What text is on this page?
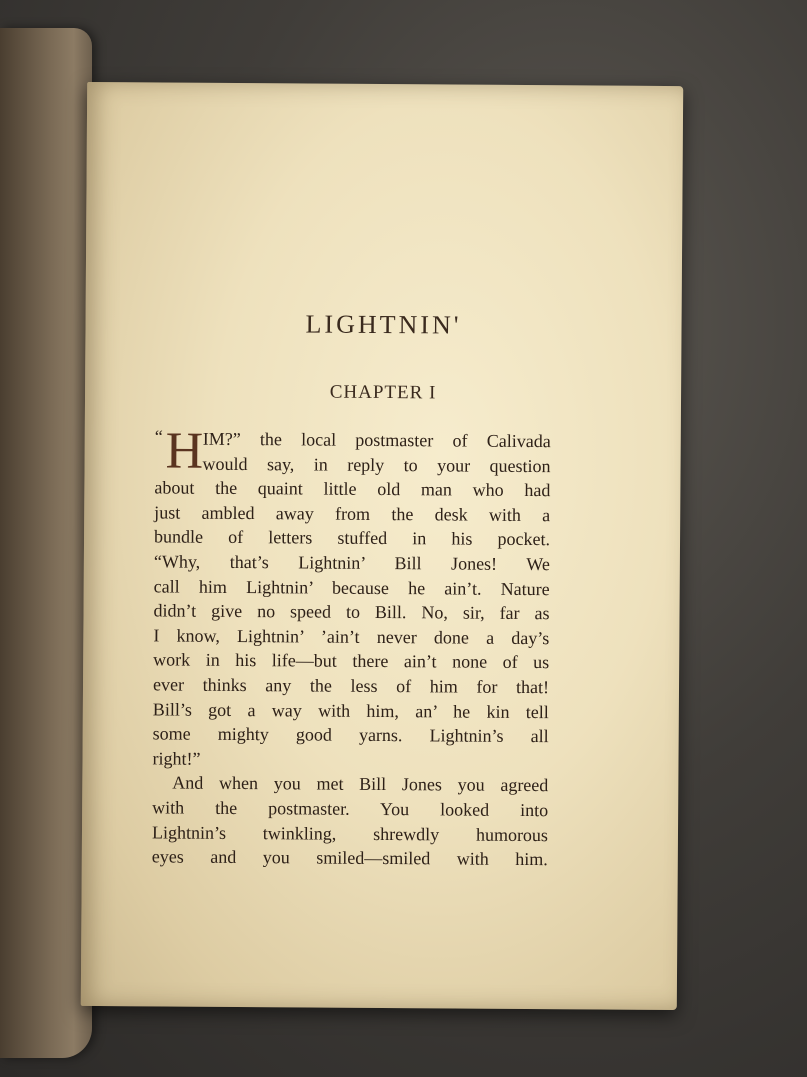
LIGHTNIN'
CHAPTER I
“ H IM?” the local postmaster of Calivada
would say, in reply to your question
about the quaint little old man who had
just ambled away from the desk with a
bundle of letters stuffed in his pocket.
“Why, that’s Lightnin’ Bill Jones! We
call him Lightnin’ because he ain’t. Nature
didn’t give no speed to Bill. No, sir, far as
I know, Lightnin’ ’ain’t never done a day’s
work in his life—but there ain’t none of us
ever thinks any the less of him for that!
Bill’s got a way with him, an’ he kin tell
some mighty good yarns. Lightnin’s all
right!”
And when you met Bill Jones you agreed
with the postmaster. You looked into
Lightnin’s twinkling, shrewdly humorous
eyes and you smiled—smiled with him.
